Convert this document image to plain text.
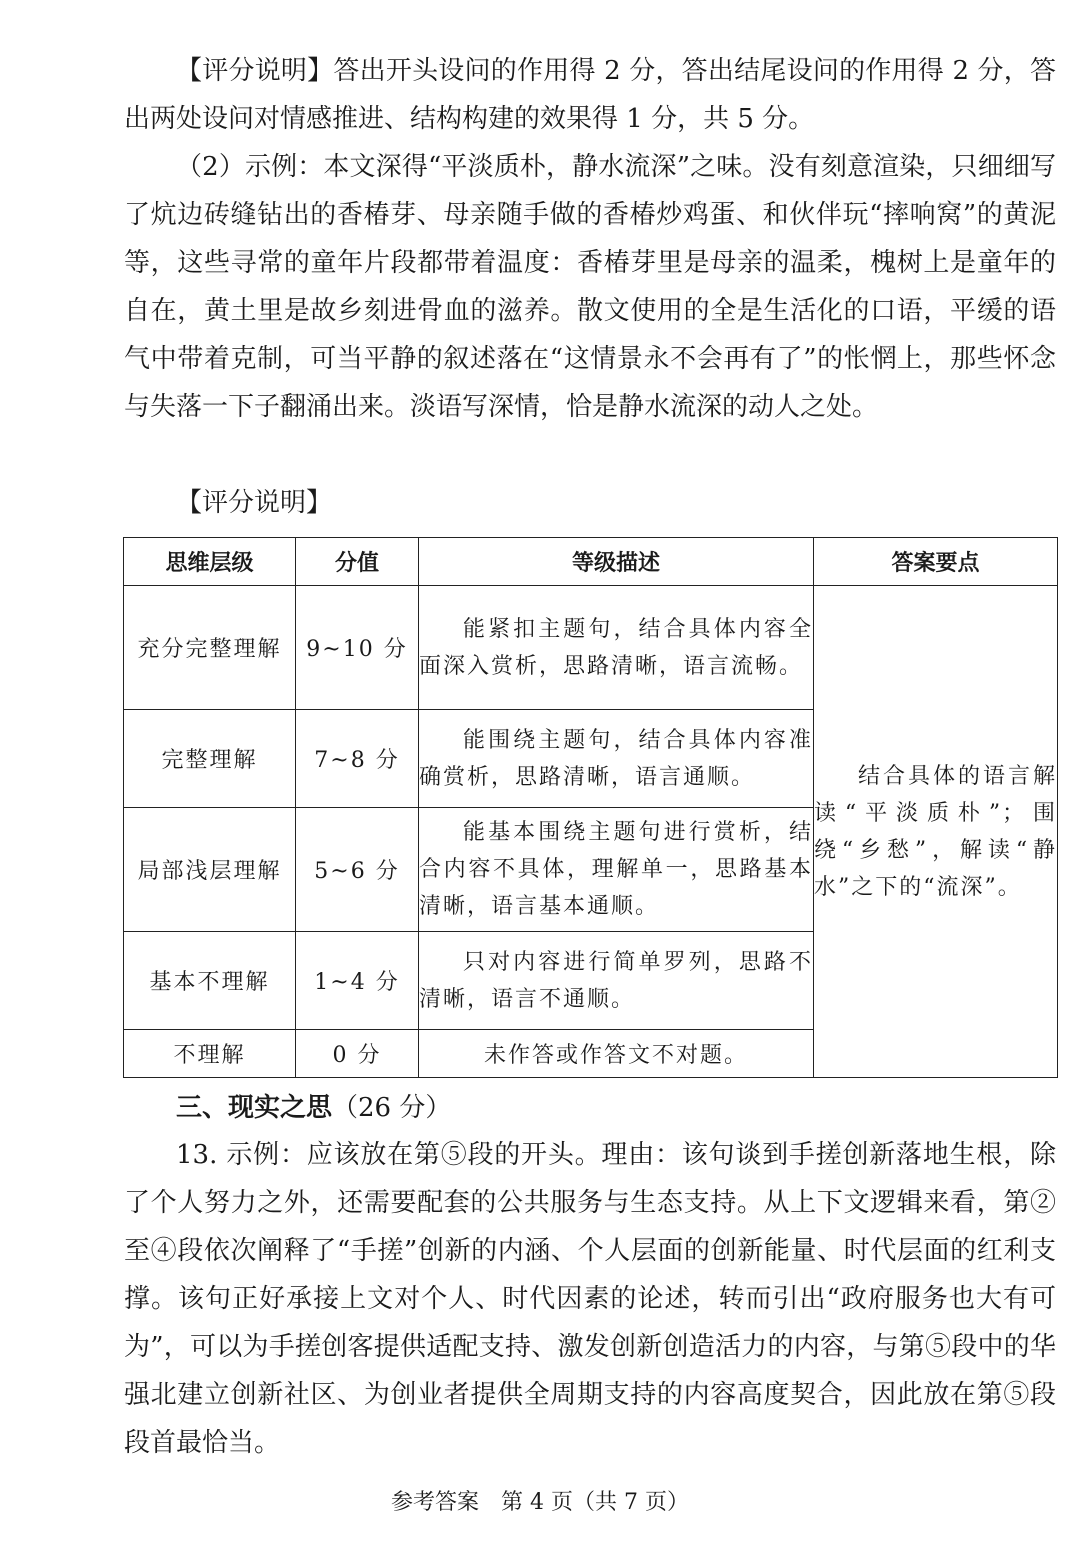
【评分说明】答出开头设问的作用得 2 分，答出结尾设问的作用得 2 分，答出两处设问对情感推进、结构构建的效果得 1 分，共 5 分。

（2）示例：本文深得“平淡质朴，静水流深”之味。没有刻意渲染，只细细写了炕边砖缝钻出的香椿芽、母亲随手做的香椿炒鸡蛋、和伙伴玩“摔响窝”的黄泥等，这些寻常的童年片段都带着温度：香椿芽里是母亲的温柔，槐树上是童年的自在，黄土里是故乡刻进骨血的滋养。散文使用的全是生活化的口语，平缓的语气中带着克制，可当平静的叙述落在“这情景永不会再有了”的怅惘上，那些怀念与失落一下子翻涌出来。淡语写深情，恰是静水流深的动人之处。

【评分说明】

思维层级	分值	等级描述	答案要点
充分完整理解	9~10 分	能紧扣主题句，结合具体内容全面深入赏析，思路清晰，语言流畅。	结合具体的语言解读“平淡质朴”；围绕“乡愁”，解读“静水”之下的“流深”。
完整理解	7~8 分	能围绕主题句，结合具体内容准确赏析，思路清晰，语言通顺。	
局部浅层理解	5~6 分	能基本围绕主题句进行赏析，结合内容不具体，理解单一，思路基本清晰，语言基本通顺。	
基本不理解	1~4 分	只对内容进行简单罗列，思路不清晰，语言不通顺。	
不理解	0 分	未作答或作答文不对题。	

三、现实之思（26 分）

13. 示例：应该放在第⑤段的开头。理由：该句谈到手搓创新落地生根，除了个人努力之外，还需要配套的公共服务与生态支持。从上下文逻辑来看，第②至④段依次阐释了“手搓”创新的内涵、个人层面的创新能量、时代层面的红利支撑。该句正好承接上文对个人、时代因素的论述，转而引出“政府服务也大有可为”，可以为手搓创客提供适配支持、激发创新创造活力的内容，与第⑤段中的华强北建立创新社区、为创业者提供全周期支持的内容高度契合，因此放在第⑤段段首最恰当。

参考答案　第 4 页（共 7 页）
